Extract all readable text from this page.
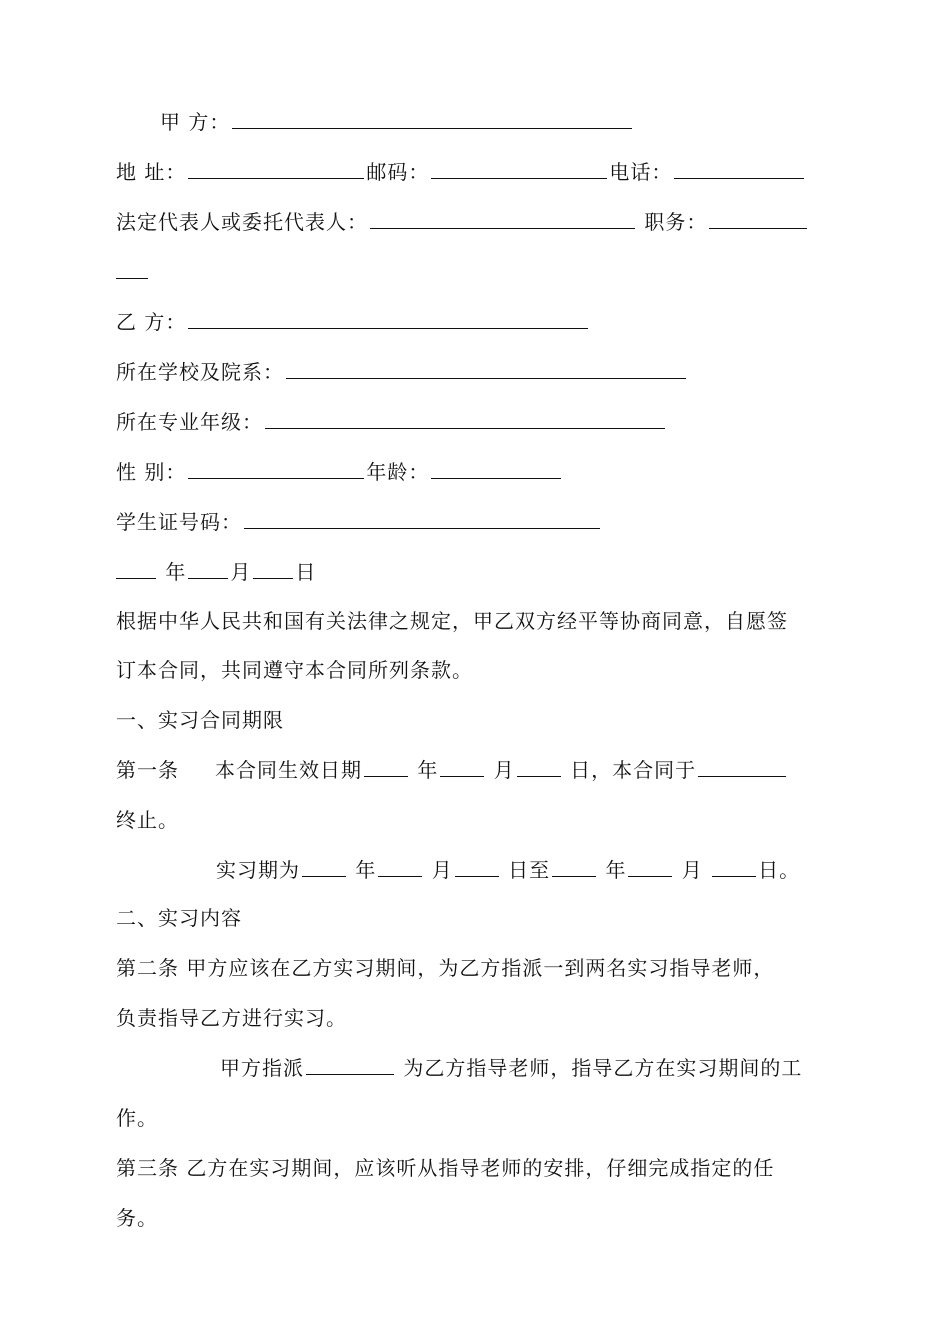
甲 方：
地 址：	邮码：	电话：
法定代表人或委托代表人：	职务：
乙 方：
所在学校及院系：
所在专业年级：
性 别：	年龄：
学生证号码：
年 月 日
根据中华人民共和国有关法律之规定，甲乙双方经平等协商同意，自愿签
订本合同，共同遵守本合同所列条款。
一、实习合同期限
第一条 本合同生效日期	年	月	日，本合同于
终止。
实习期为	年	月	日至	年	月	日。
二、实习内容
第二条 甲方应该在乙方实习期间，为乙方指派一到两名实习指导老师，
负责指导乙方进行实习。
甲方指派	为乙方指导老师，指导乙方在实习期间的工
作。
第三条 乙方在实习期间，应该听从指导老师的安排，仔细完成指定的任
务。
